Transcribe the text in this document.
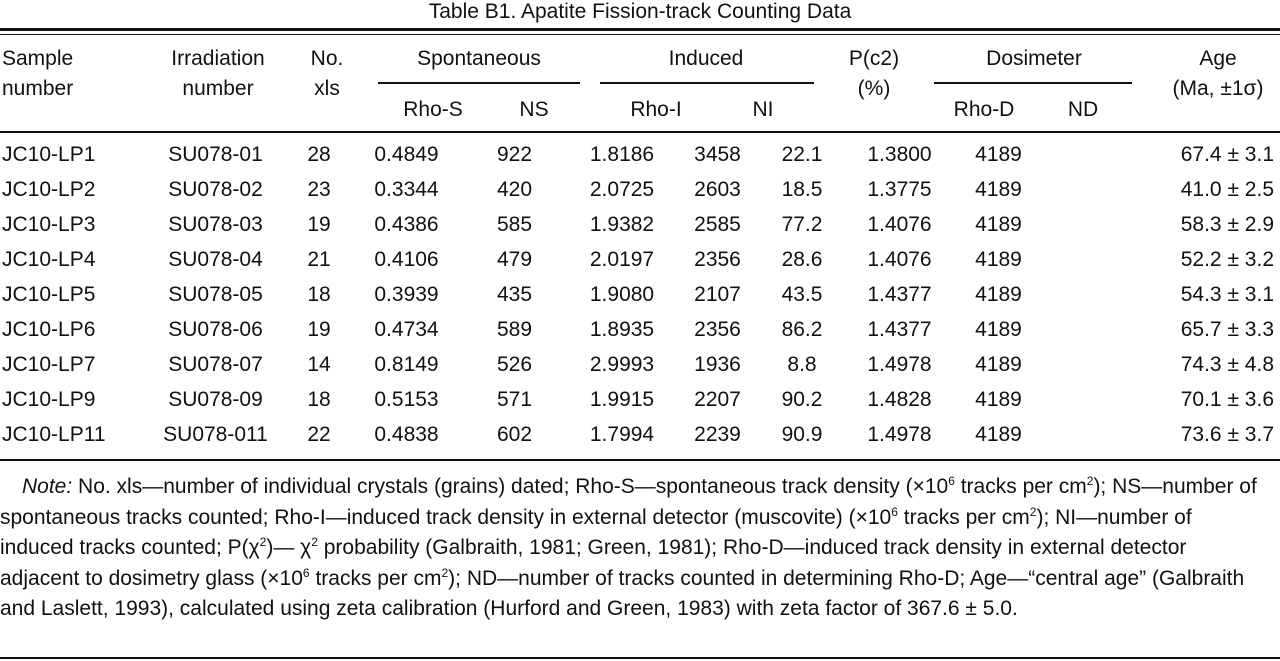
Table B1. Apatite Fission-track Counting Data
Sample
number
Irradiation
number
No.
xls
Spontaneous
Rho-S	NS
Induced
Rho-I	NI
P(c2)
(%)
Dosimeter
Rho-D	ND
Age
(Ma, ±1σ)
JC10-LP1	SU078-01	28	0.4849	922	1.8186	3458	22.1	1.3800	4189	67.4 ± 3.1
JC10-LP2	SU078-02	23	0.3344	420	2.0725	2603	18.5	1.3775	4189	41.0 ± 2.5
JC10-LP3	SU078-03	19	0.4386	585	1.9382	2585	77.2	1.4076	4189	58.3 ± 2.9
JC10-LP4	SU078-04	21	0.4106	479	2.0197	2356	28.6	1.4076	4189	52.2 ± 3.2
JC10-LP5	SU078-05	18	0.3939	435	1.9080	2107	43.5	1.4377	4189	54.3 ± 3.1
JC10-LP6	SU078-06	19	0.4734	589	1.8935	2356	86.2	1.4377	4189	65.7 ± 3.3
JC10-LP7	SU078-07	14	0.8149	526	2.9993	1936	8.8	1.4978	4189	74.3 ± 4.8
JC10-LP9	SU078-09	18	0.5153	571	1.9915	2207	90.2	1.4828	4189	70.1 ± 3.6
JC10-LP11	SU078-011	22	0.4838	602	1.7994	2239	90.9	1.4978	4189	73.6 ± 3.7
Note: No. xls—number of individual crystals (grains) dated; Rho-S—spontaneous track density ($\times 10^6$ tracks per $cm^2$); NS—number of spontaneous tracks counted; Rho-I—induced track density in external detector (muscovite) ($\times 10^6$ tracks per $cm^2$); NI—number of induced tracks counted; $P(\chi^2)—$ $\chi^2$ probability (Galbraith, 1981; Green, 1981); Rho-D—induced track density in external detector adjacent to dosimetry glass ($\times 10^6$ tracks per $cm^2$); ND—number of tracks counted in determining Rho-D; Age—“central age” (Galbraith and Laslett, 1993), calculated using zeta calibration (Hurford and Green, 1983) with zeta factor of 367.6 ± 5.0.
